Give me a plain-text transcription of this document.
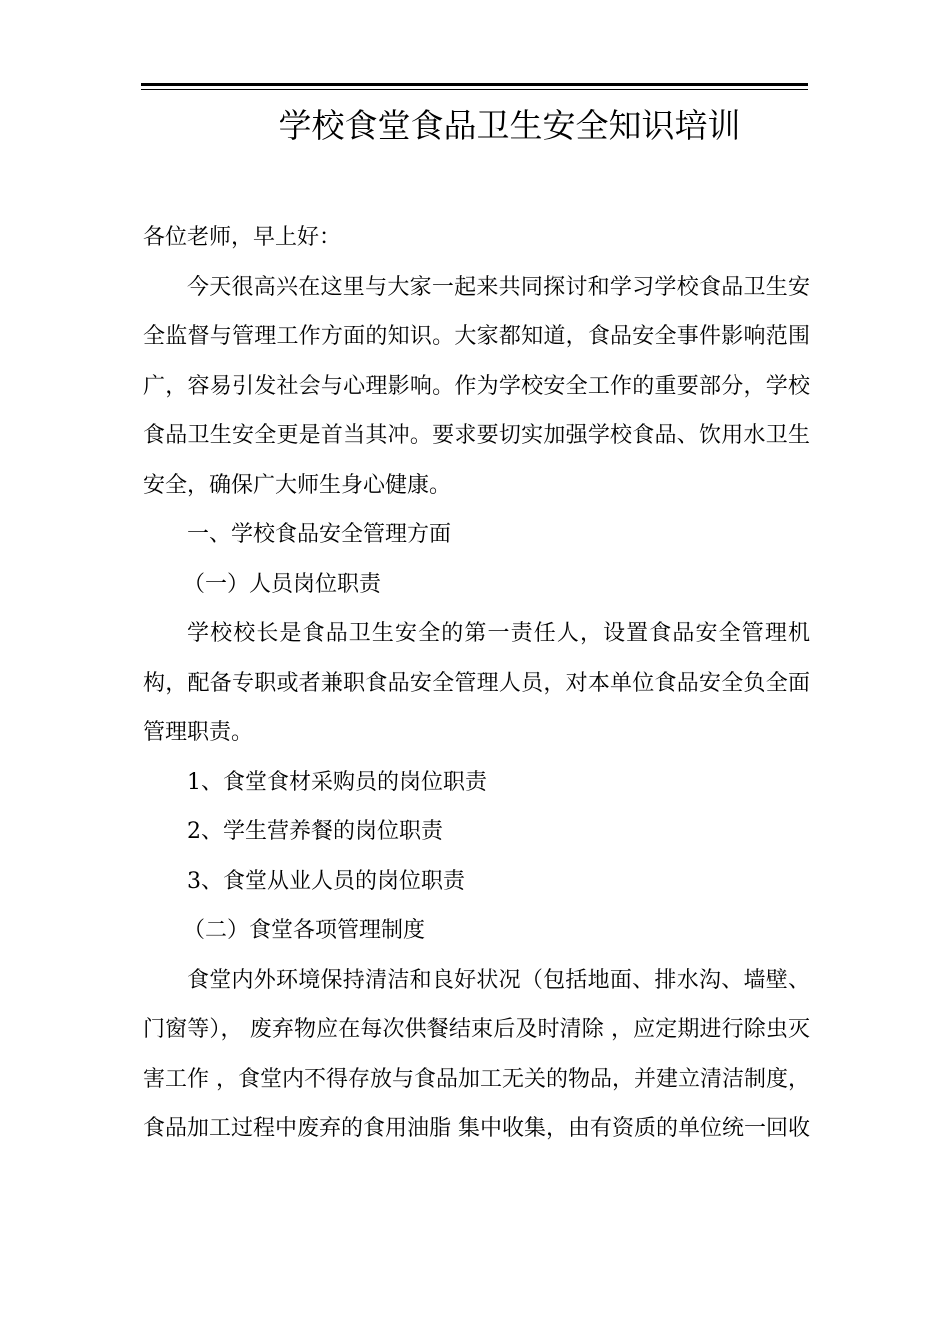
学校食堂食品卫生安全知识培训

各位老师，早上好：

今天很高兴在这里与大家一起来共同探讨和学习学校食品卫生安全监督与管理工作方面的知识。大家都知道，食品安全事件影响范围广，容易引发社会与心理影响。作为学校安全工作的重要部分，学校食品卫生安全更是首当其冲。要求要切实加强学校食品、饮用水卫生安全，确保广大师生身心健康。

一、学校食品安全管理方面

（一）人员岗位职责

学校校长是食品卫生安全的第一责任人，设置食品安全管理机构，配备专职或者兼职食品安全管理人员，对本单位食品安全负全面管理职责。

1、食堂食材采购员的岗位职责

2、学生营养餐的岗位职责

3、食堂从业人员的岗位职责

（二）食堂各项管理制度

食堂内外环境保持清洁和良好状况（包括地面、排水沟、墙壁、门窗等）， 废弃物应在每次供餐结束后及时清除 ，应定期进行除虫灭害工作 ，食堂内不得存放与食品加工无关的物品，并建立清洁制度，食品加工过程中废弃的食用油脂 集中收集，由有资质的单位统一回收
